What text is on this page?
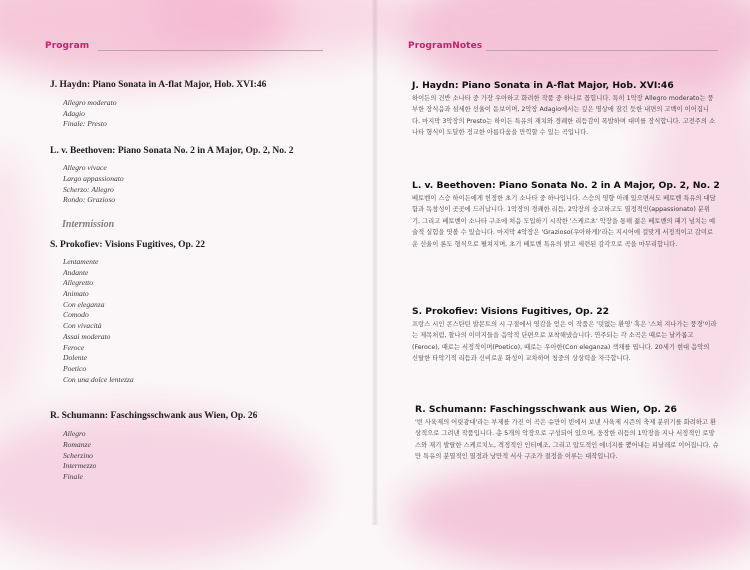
Program
J. Haydn: Piano Sonata in A-flat Major, Hob. XVI:46
Allegro moderato
Adagio
Finale: Presto
L. v. Beethoven: Piano Sonata No. 2 in A Major, Op. 2, No. 2
Allegro vivace
Largo appassionato
Scherzo: Allegro
Rondo: Grazioso
Intermission
S. Prokofiev: Visions Fugitives, Op. 22
Lentamente
Andante
Allegretto
Animato
Con eleganza
Comodo
Con vivacità
Assai moderato
Feroce
Dolente
Poetico
Con una dolce lentezza
R. Schumann: Faschingsschwank aus Wien, Op. 26
Allegro
Romanze
Scherzino
Intermezzo
Finale
ProgramNotes
J. Haydn: Piano Sonata in A-flat Major, Hob. XVI:46
하이든의 건반 소나타 중 가장 우아하고 화려한 작품 중 하나로 꼽힙니다. 특히 1악장 Allegro moderato는 풍부한 장식음과 섬세한 선율이 돋보이며, 2악장 Adagio에서는 깊은 명상에 잠긴 듯한 내면의 고백이 이어집니다. 마지막 3악장의 Presto는 하이든 특유의 재치와 경쾌한 리듬감이 폭발하며 대미를 장식합니다. 고전주의 소나타 형식이 도달한 정교한 아름다움을 만끽할 수 있는 곡입니다.
L. v. Beethoven: Piano Sonata No. 2 in A Major, Op. 2, No. 2
베토벤이 스승 하이든에게 헌정한 초기 소나타 중 하나입니다. 스승의 영향 아래 있으면서도 베토벤 특유의 대담함과 독창성이 곳곳에 드러납니다. 1악장의 경쾌한 리듬, 2악장의 숭고하고도 열정적인(appassionato) 분위기, 그리고 베토벤이 소나타 구조에 처음 도입하기 시작한 '스케르초' 악장을 통해 젊은 베토벤의 패기 넘치는 예술적 실험을 엿볼 수 있습니다. 마지막 4악장은 'Grazioso(우아하게)'라는 지시어에 걸맞게 서정적이고 감미로운 선율이 론도 형식으로 펼쳐지며, 초기 베토벤 특유의 밝고 세련된 감각으로 곡을 마무리합니다.
S. Prokofiev: Visions Fugitives, Op. 22
프랑스 시인 콘스탄틴 발몬트의 시 구절에서 영감을 얻은 이 작품은 '덧없는 환영' 혹은 '스쳐 지나가는 풍경'이라는 제목처럼, 찰나의 이미지들을 음악적 단편으로 포착해냈습니다. 연주되는 각 소곡은 때로는 날카롭고(Feroce), 때로는 서정적이며(Poetico), 때로는 우아한(Con eleganza) 색채를 띱니다. 20세기 현대 음악의 신랄한 타악기적 리듬과 신비로운 화성이 교차하며 청중의 상상력을 자극합니다.
R. Schumann: Faschingsschwank aus Wien, Op. 26
'빈 사육제의 어릿광대'라는 부제를 가진 이 곡은 슈만이 빈에서 보낸 사육제 시즌의 축제 분위기를 화려하고 환상적으로 그려낸 작품입니다. 총 5개의 악장으로 구성되어 있으며, 웅장한 리듬의 1악장을 지나 서정적인 로망스와 재기 발랄한 스케르치노, 격정적인 인터메조, 그리고 압도적인 에너지를 뿜어내는 피날레로 이어집니다. 슈만 특유의 분열적인 열정과 낭만적 서사 구조가 절정을 이루는 대작입니다.
